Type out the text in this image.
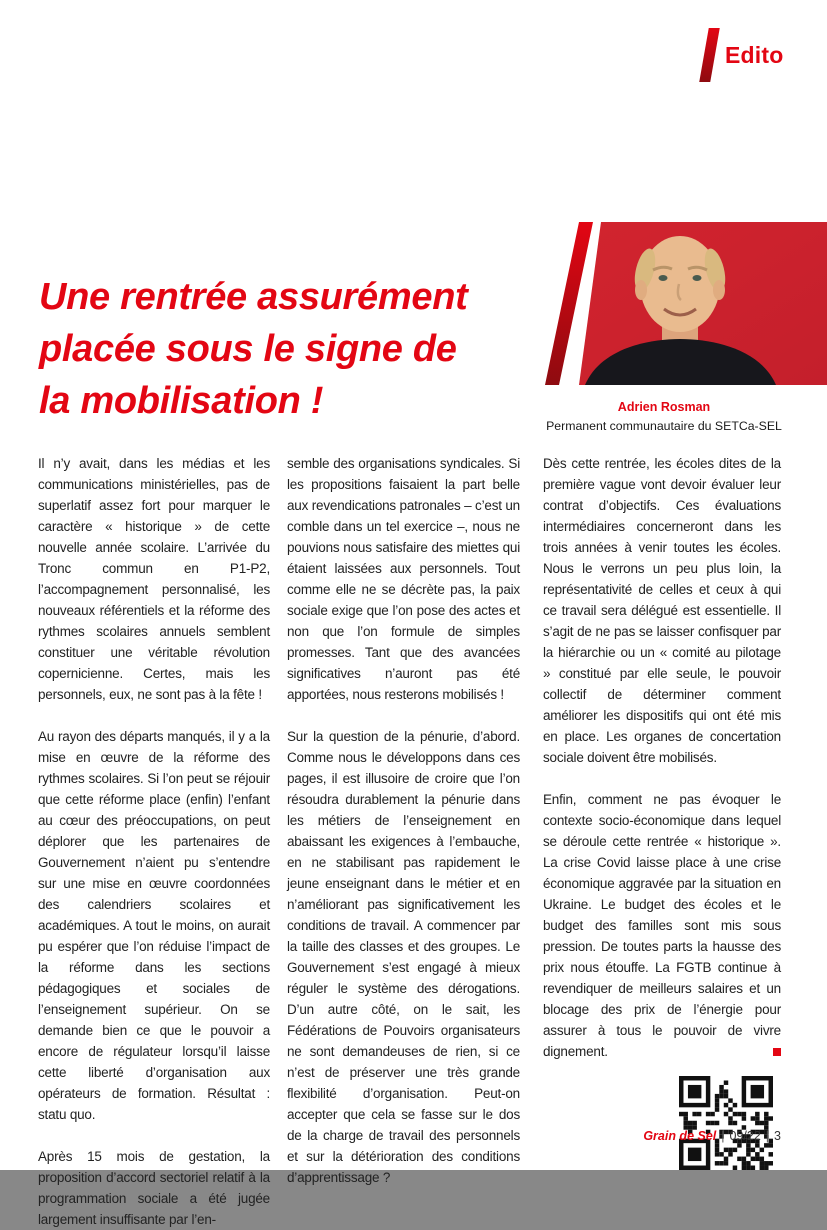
Edito
Une rentrée assurément
placée sous le signe de
la mobilisation !	Adrien Rosman
Permanent communautaire du SETCa-SEL

Il n’y avait, dans les médias et les communications ministérielles, pas de superlatif assez fort pour marquer le caractère « historique » de cette nouvelle année scolaire. L’arrivée du Tronc commun en P1-P2, l’accompagnement personnalisé, les nouveaux référentiels et la réforme des rythmes scolaires annuels semblent constituer une véritable révolution copernicienne. Certes, mais les personnels, eux, ne sont pas à la fête !

Au rayon des départs manqués, il y a la mise en œuvre de la réforme des rythmes scolaires. Si l’on peut se réjouir que cette réforme place (enfin) l’enfant au cœur des préoccupations, on peut déplorer que les partenaires de Gouvernement n’aient pu s’entendre sur une mise en œuvre coordonnées des calendriers scolaires et académiques. A tout le moins, on aurait pu espérer que l’on réduise l’impact de la réforme dans les sections pédagogiques et sociales de l’enseignement supérieur. On se demande bien ce que le pouvoir a encore de régulateur lorsqu’il laisse cette liberté d’organisation aux opérateurs de formation. Résultat : statu quo.

Après 15 mois de gestation, la proposition d’accord sectoriel relatif à la programmation sociale a été jugée largement insuffisante par l’en-

semble des organisations syndicales. Si les propositions faisaient la part belle aux revendications patronales – c’est un comble dans un tel exercice –, nous ne pouvions nous satisfaire des miettes qui étaient laissées aux personnels. Tout comme elle ne se décrète pas, la paix sociale exige que l’on pose des actes et non que l’on formule de simples promesses. Tant que des avancées significatives n’auront pas été apportées, nous resterons mobilisés !

Sur la question de la pénurie, d’abord. Comme nous le développons dans ces pages, il est illusoire de croire que l’on résoudra durablement la pénurie dans les métiers de l’enseignement en abaissant les exigences à l’embauche, en ne stabilisant pas rapidement le jeune enseignant dans le métier et en n’améliorant pas significativement les conditions de travail. A commencer par la taille des classes et des groupes. Le Gouvernement s’est engagé à mieux réguler le système des dérogations. D’un autre côté, on le sait, les Fédérations de Pouvoirs organisateurs ne sont demandeuses de rien, si ce n’est de préserver une très grande flexibilité d’organisation. Peut-on accepter que cela se fasse sur le dos de la charge de travail des personnels et sur la détérioration des conditions d’apprentissage ?

Dès cette rentrée, les écoles dites de la première vague vont devoir évaluer leur contrat d’objectifs. Ces évaluations intermédiaires concerneront dans les trois années à venir toutes les écoles. Nous le verrons un peu plus loin, la représentativité de celles et ceux à qui ce travail sera délégué est essentielle. Il s’agit de ne pas se laisser confisquer par la hiérarchie ou un « comité au pilotage » constitué par elle seule, le pouvoir collectif de déterminer comment améliorer les dispositifs qui ont été mis en place. Les organes de concertation sociale doivent être mobilisés.

Enfin, comment ne pas évoquer le contexte socio-économique dans lequel se déroule cette rentrée « historique ». La crise Covid laisse place à une crise économique aggravée par la situation en Ukraine. Le budget des écoles et le budget des familles sont mis sous pression. De toutes parts la hausse des prix nous étouffe. La FGTB continue à revendiquer de meilleurs salaires et un blocage des prix de l’énergie pour assurer à tous le pouvoir de vivre dignement.

Grain de Sel | 09/22 | 3
